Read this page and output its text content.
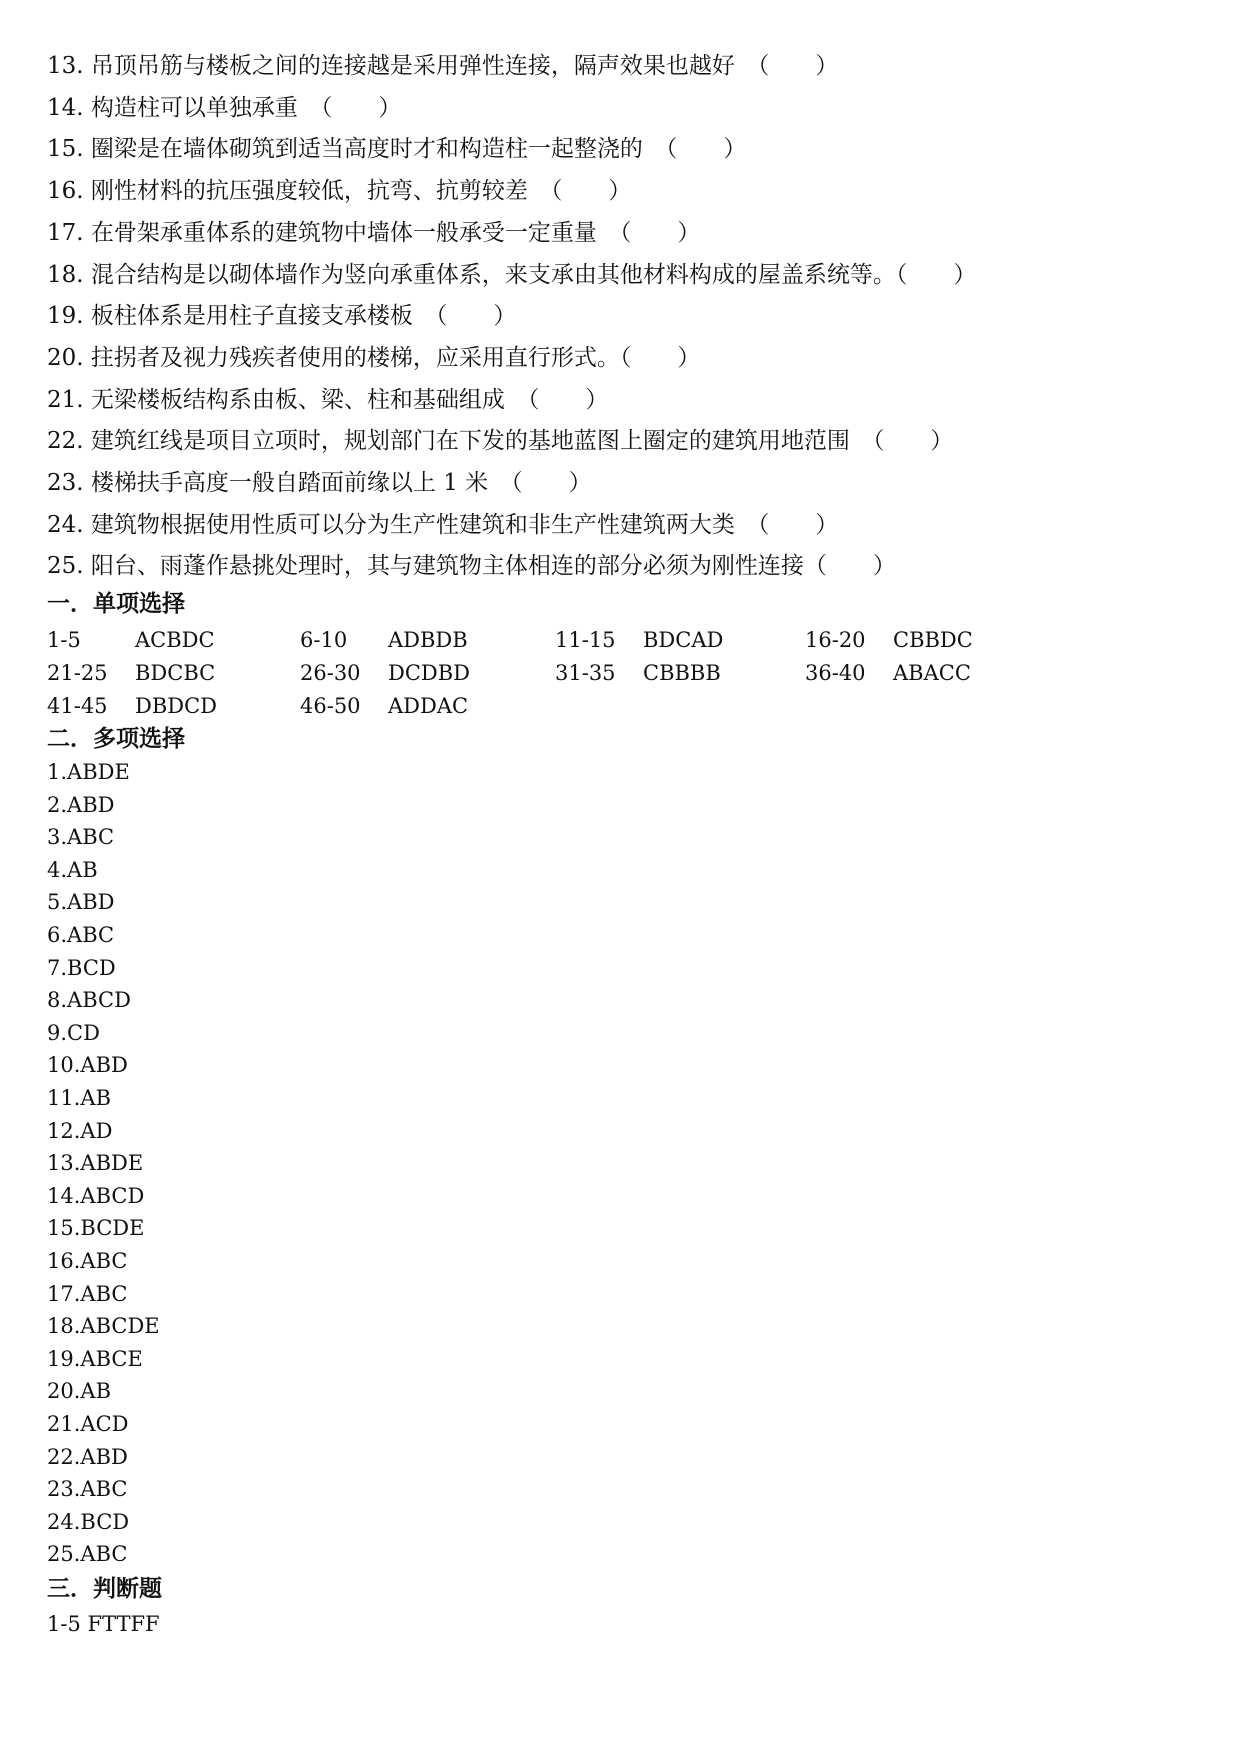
13. 吊顶吊筋与楼板之间的连接越是采用弹性连接，隔声效果也越好　（　　）
14. 构造柱可以单独承重　（　　）
15. 圈梁是在墙体砌筑到适当高度时才和构造柱一起整浇的　（　　）
16. 刚性材料的抗压强度较低，抗弯、抗剪较差　（　　）
17. 在骨架承重体系的建筑物中墙体一般承受一定重量　（　　）
18. 混合结构是以砌体墙作为竖向承重体系，来支承由其他材料构成的屋盖系统等。（　　）
19. 板柱体系是用柱子直接支承楼板　（　　）
20. 拄拐者及视力残疾者使用的楼梯，应采用直行形式。（　　）
21. 无梁楼板结构系由板、梁、柱和基础组成　（　　）
22. 建筑红线是项目立项时，规划部门在下发的基地蓝图上圈定的建筑用地范围　（　　）
23. 楼梯扶手高度一般自踏面前缘以上 1 米　（　　）
24. 建筑物根据使用性质可以分为生产性建筑和非生产性建筑两大类　（　　）
25. 阳台、雨蓬作悬挑处理时，其与建筑物主体相连的部分必须为刚性连接（　　）
一．单项选择
1-5	ACBDC	6-10 ADBDB	11-15 BDCAD	16-20 CBBDC
21-25 BDCBC	26-30 DCDBD	31-35 CBBBB	36-40 ABACC
41-45 DBDCD	46-50 ADDAC
二．多项选择
1.ABDE
2.ABD
3.ABC
4.AB
5.ABD
6.ABC
7.BCD
8.ABCD
9.CD
10.ABD
11.AB
12.AD
13.ABDE
14.ABCD
15.BCDE
16.ABC
17.ABC
18.ABCDE
19.ABCE
20.AB
21.ACD
22.ABD
23.ABC
24.BCD
25.ABC
三．判断题
1-5 FTTFF
